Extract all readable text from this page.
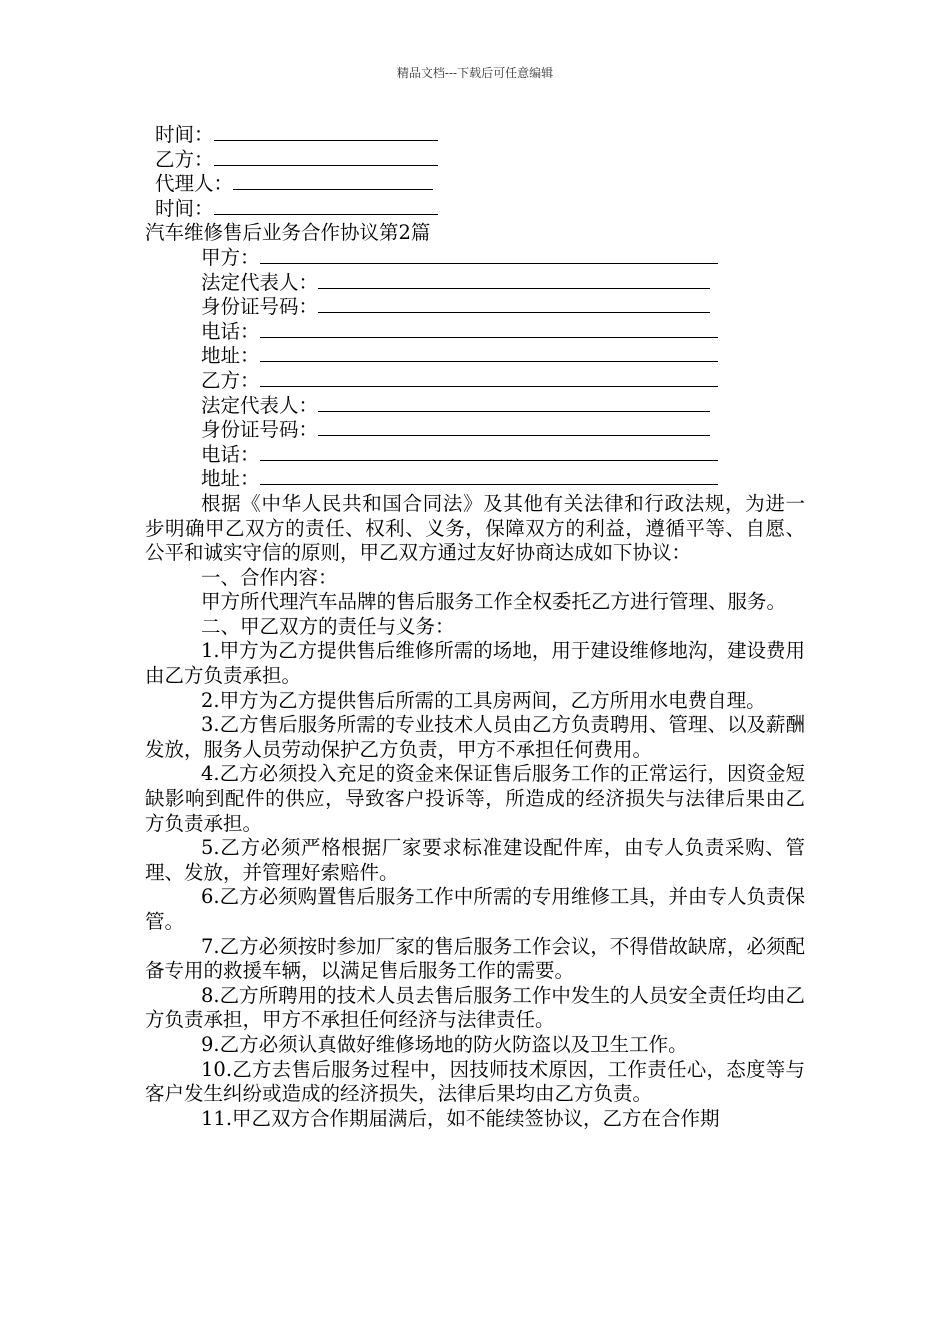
精品文档---下载后可任意编辑
时间：
乙方：
代理人：
时间：
汽车维修售后业务合作协议第2篇
甲方：
法定代表人：
身份证号码：
电话：
地址：
乙方：
法定代表人：
身份证号码：
电话：
地址：
根据《中华人民共和国合同法》及其他有关法律和行政法规，为进一步明确甲乙双方的责任、权利、义务，保障双方的利益，遵循平等、自愿、公平和诚实守信的原则，甲乙双方通过友好协商达成如下协议：
一、合作内容：
甲方所代理汽车品牌的售后服务工作全权委托乙方进行管理、服务。
二、甲乙双方的责任与义务：
1.甲方为乙方提供售后维修所需的场地，用于建设维修地沟，建设费用由乙方负责承担。
2.甲方为乙方提供售后所需的工具房两间，乙方所用水电费自理。
3.乙方售后服务所需的专业技术人员由乙方负责聘用、管理、以及薪酬发放，服务人员劳动保护乙方负责，甲方不承担任何费用。
4.乙方必须投入充足的资金来保证售后服务工作的正常运行，因资金短缺影响到配件的供应，导致客户投诉等，所造成的经济损失与法律后果由乙方负责承担。
5.乙方必须严格根据厂家要求标准建设配件库，由专人负责采购、管理、发放，并管理好索赔件。
6.乙方必须购置售后服务工作中所需的专用维修工具，并由专人负责保管。
7.乙方必须按时参加厂家的售后服务工作会议，不得借故缺席，必须配备专用的救援车辆，以满足售后服务工作的需要。
8.乙方所聘用的技术人员去售后服务工作中发生的人员安全责任均由乙方负责承担，甲方不承担任何经济与法律责任。
9.乙方必须认真做好维修场地的防火防盗以及卫生工作。
10.乙方去售后服务过程中，因技师技术原因，工作责任心，态度等与客户发生纠纷或造成的经济损失，法律后果均由乙方负责。
11.甲乙双方合作期届满后，如不能续签协议，乙方在合作期
